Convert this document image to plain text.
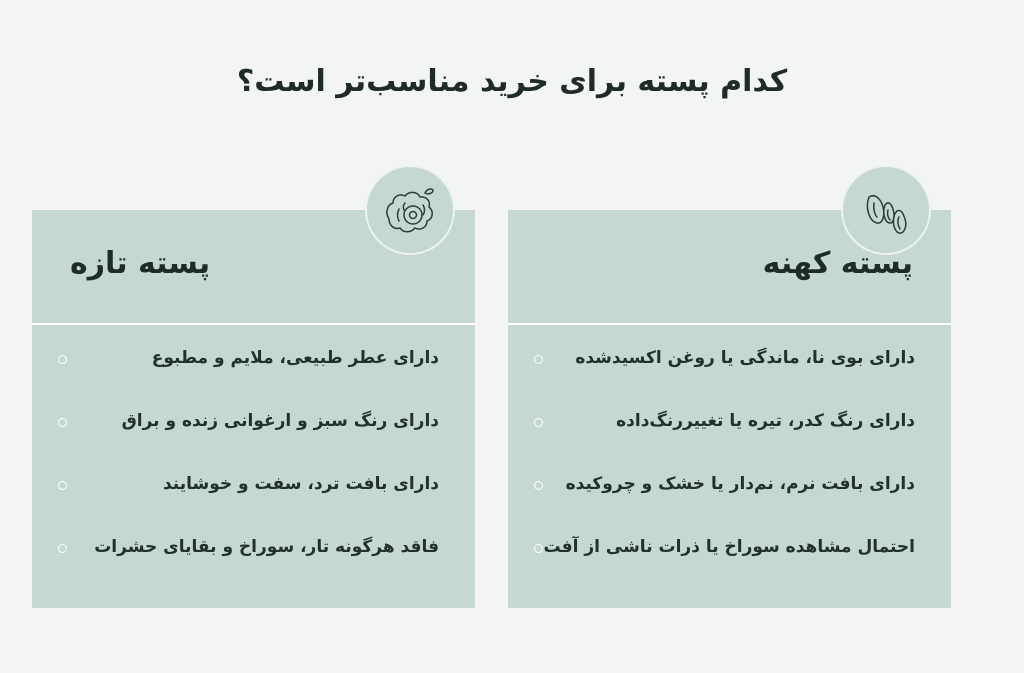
کدام پسته برای خرید مناسب‌تر است؟
پسته کهنه
دارای بوی نا، ماندگی یا روغن اکسیدشده
دارای رنگ کدر، تیره یا تغییررنگ‌داده
دارای بافت نرم، نم‌دار یا خشک و چروکیده
احتمال مشاهده سوراخ یا ذرات ناشی از آفت
پسته تازه
دارای عطر طبیعی، ملایم و مطبوع
دارای رنگ سبز و ارغوانی زنده و براق
دارای بافت ترد، سفت و خوشایند
فاقد هرگونه تار، سوراخ و بقایای حشرات
